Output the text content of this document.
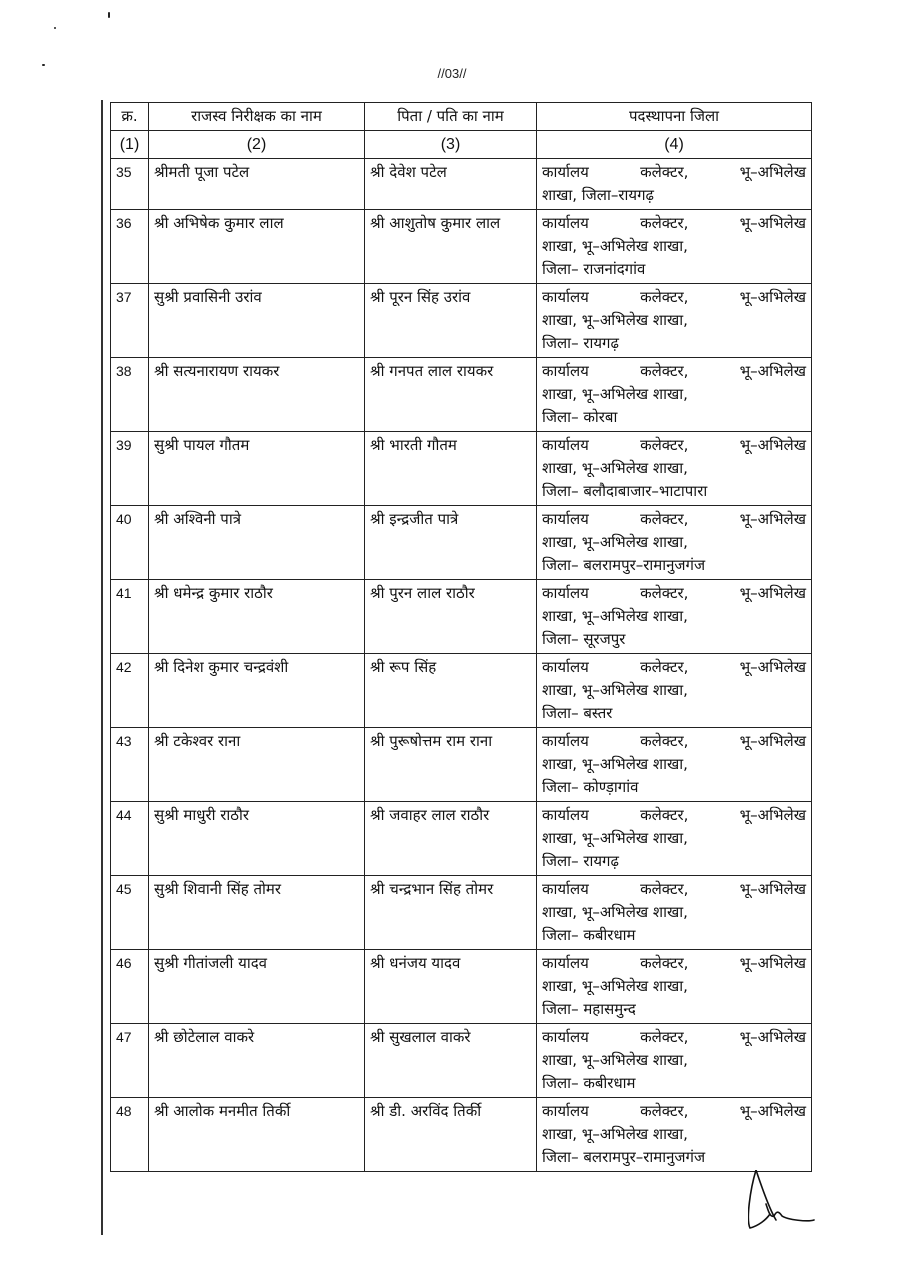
//03//
क्र.	राजस्व निरीक्षक का नाम	पिता / पति का नाम	पदस्थापना जिला
(1)	(2)	(3)	(4)
35	श्रीमती पूजा पटेल	श्री देवेश पटेल	कार्यालय कलेक्टर, भू–अभिलेख
शाखा, जिला–रायगढ़

36	श्री अभिषेक कुमार लाल	श्री आशुतोष कुमार लाल	कार्यालय कलेक्टर, भू–अभिलेख
शाखा, भू–अभिलेख शाखा,
जिला– राजनांदगांव

37	सुश्री प्रवासिनी उरांव	श्री पूरन सिंह उरांव	कार्यालय कलेक्टर, भू–अभिलेख
शाखा, भू–अभिलेख शाखा,
जिला– रायगढ़

38	श्री सत्यनारायण रायकर	श्री गनपत लाल रायकर	कार्यालय कलेक्टर, भू–अभिलेख
शाखा, भू–अभिलेख शाखा,
जिला– कोरबा

39	सुश्री पायल गौतम	श्री भारती गौतम	कार्यालय कलेक्टर, भू–अभिलेख
शाखा, भू–अभिलेख शाखा,
जिला– बलौदाबाजार–भाटापारा

40	श्री अश्विनी पात्रे	श्री इन्द्रजीत पात्रे	कार्यालय कलेक्टर, भू–अभिलेख
शाखा, भू–अभिलेख शाखा,
जिला– बलरामपुर–रामानुजगंज

41	श्री धमेन्द्र कुमार राठौर	श्री पुरन लाल राठौर	कार्यालय कलेक्टर, भू–अभिलेख
शाखा, भू–अभिलेख शाखा,
जिला– सूरजपुर

42	श्री दिनेश कुमार चन्द्रवंशी	श्री रूप सिंह	कार्यालय कलेक्टर, भू–अभिलेख
शाखा, भू–अभिलेख शाखा,
जिला– बस्तर

43	श्री टकेश्वर राना	श्री पुरूषोत्तम राम राना	कार्यालय कलेक्टर, भू–अभिलेख
शाखा, भू–अभिलेख शाखा,
जिला– कोण्ड़ागांव

44	सुश्री माधुरी राठौर	श्री जवाहर लाल राठौर	कार्यालय कलेक्टर, भू–अभिलेख
शाखा, भू–अभिलेख शाखा,
जिला– रायगढ़

45	सुश्री शिवानी सिंह तोमर	श्री चन्द्रभान सिंह तोमर	कार्यालय कलेक्टर, भू–अभिलेख
शाखा, भू–अभिलेख शाखा,
जिला– कबीरधाम

46	सुश्री गीतांजली यादव	श्री धनंजय यादव	कार्यालय कलेक्टर, भू–अभिलेख
शाखा, भू–अभिलेख शाखा,
जिला– महासमुन्द

47	श्री छोटेलाल वाकरे	श्री सुखलाल वाकरे	कार्यालय कलेक्टर, भू–अभिलेख
शाखा, भू–अभिलेख शाखा,
जिला– कबीरधाम

48	श्री आलोक मनमीत तिर्की	श्री डी. अरविंद तिर्की	कार्यालय कलेक्टर, भू–अभिलेख
शाखा, भू–अभिलेख शाखा,
जिला– बलरामपुर–रामानुजगंज
